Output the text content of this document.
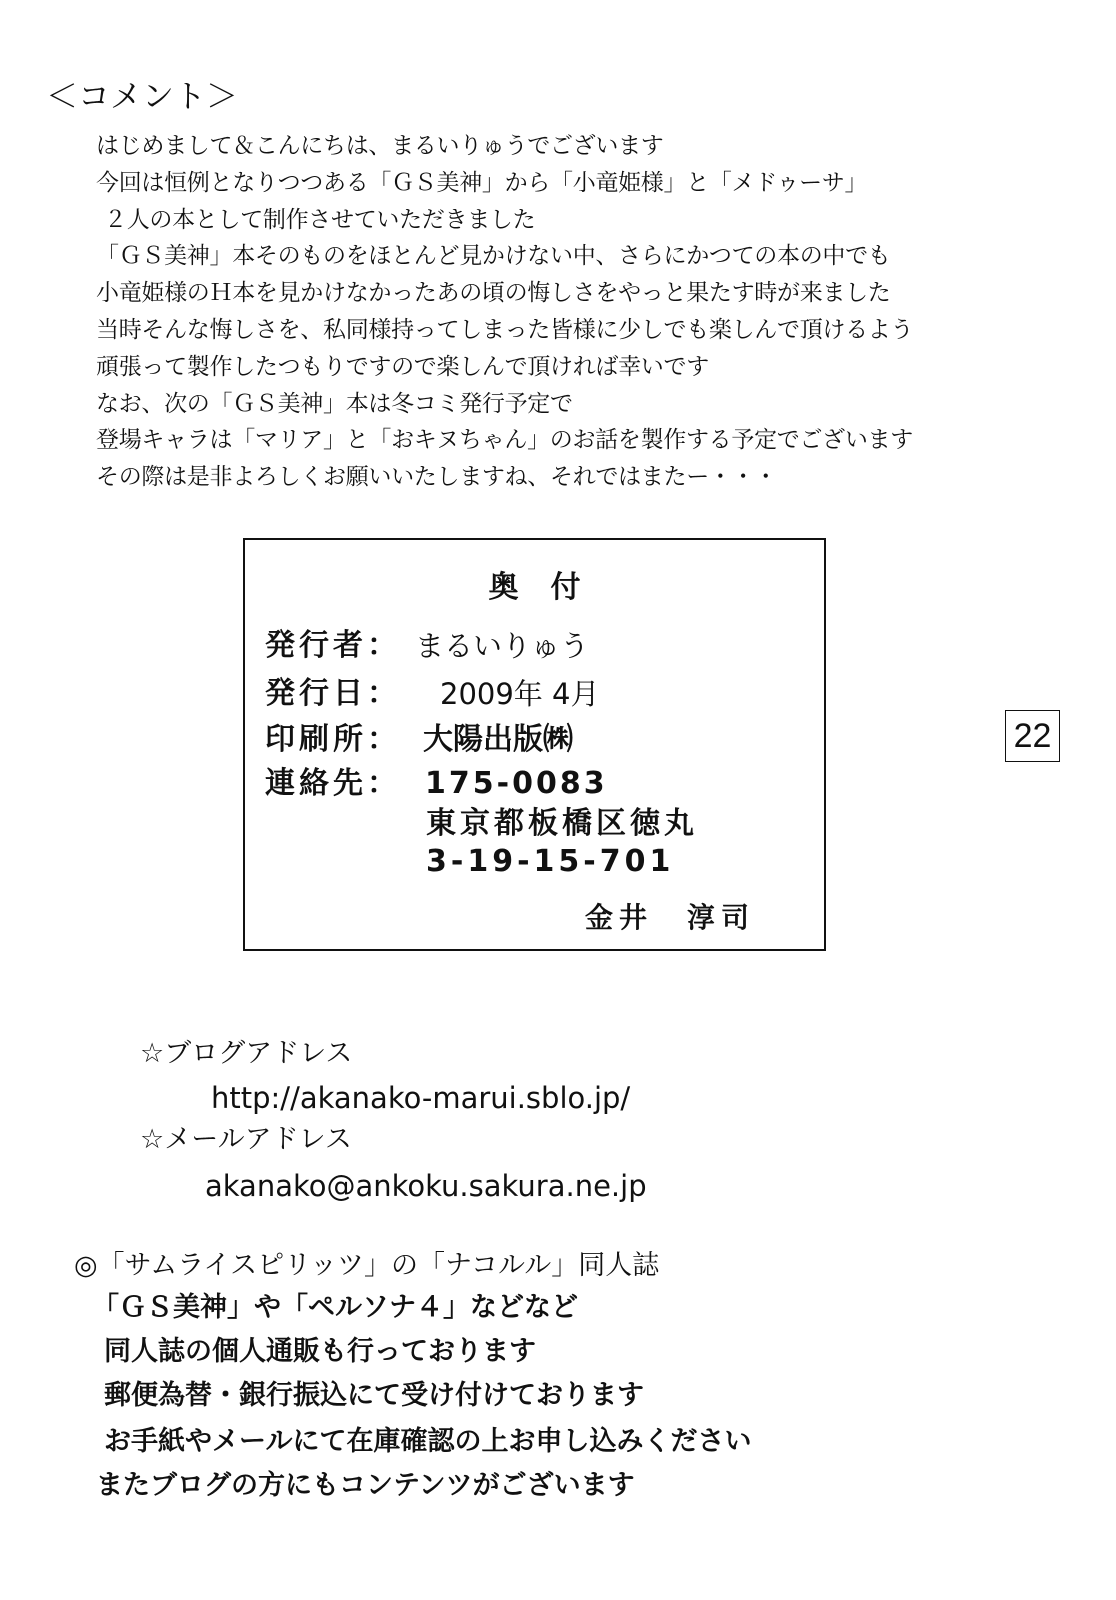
＜コメント＞
はじめまして＆こんにちは、まるいりゅうでございます
今回は恒例となりつつある「ＧＳ美神」から「小竜姫様」と「メドゥーサ」
２人の本として制作させていただきました
「ＧＳ美神」本そのものをほとんど見かけない中、さらにかつての本の中でも
小竜姫様のＨ本を見かけなかったあの頃の悔しさをやっと果たす時が来ました
当時そんな悔しさを、私同様持ってしまった皆様に少しでも楽しんで頂けるよう
頑張って製作したつもりですので楽しんで頂ければ幸いです
なお、次の「ＧＳ美神」本は冬コミ発行予定で
登場キャラは「マリア」と「おキヌちゃん」のお話を製作する予定でございます
その際は是非よろしくお願いいたしますね、それではまたー・・・
奥付
発行者： まるいりゅう
発行日： 2009年 4月
印刷所： 大陽出版㈱
連絡先： 175-0083
東京都板橋区徳丸
3-19-15-701
金井　淳司
22
☆ブログアドレス
http://akanako-marui.sblo.jp/
☆メールアドレス
akanako@ankoku.sakura.ne.jp
◎「サムライスピリッツ」の「ナコルル」同人誌
「ＧＳ美神」や「ペルソナ４」などなど
同人誌の個人通販も行っております
郵便為替・銀行振込にて受け付けております
お手紙やメールにて在庫確認の上お申し込みください
またブログの方にもコンテンツがございます
